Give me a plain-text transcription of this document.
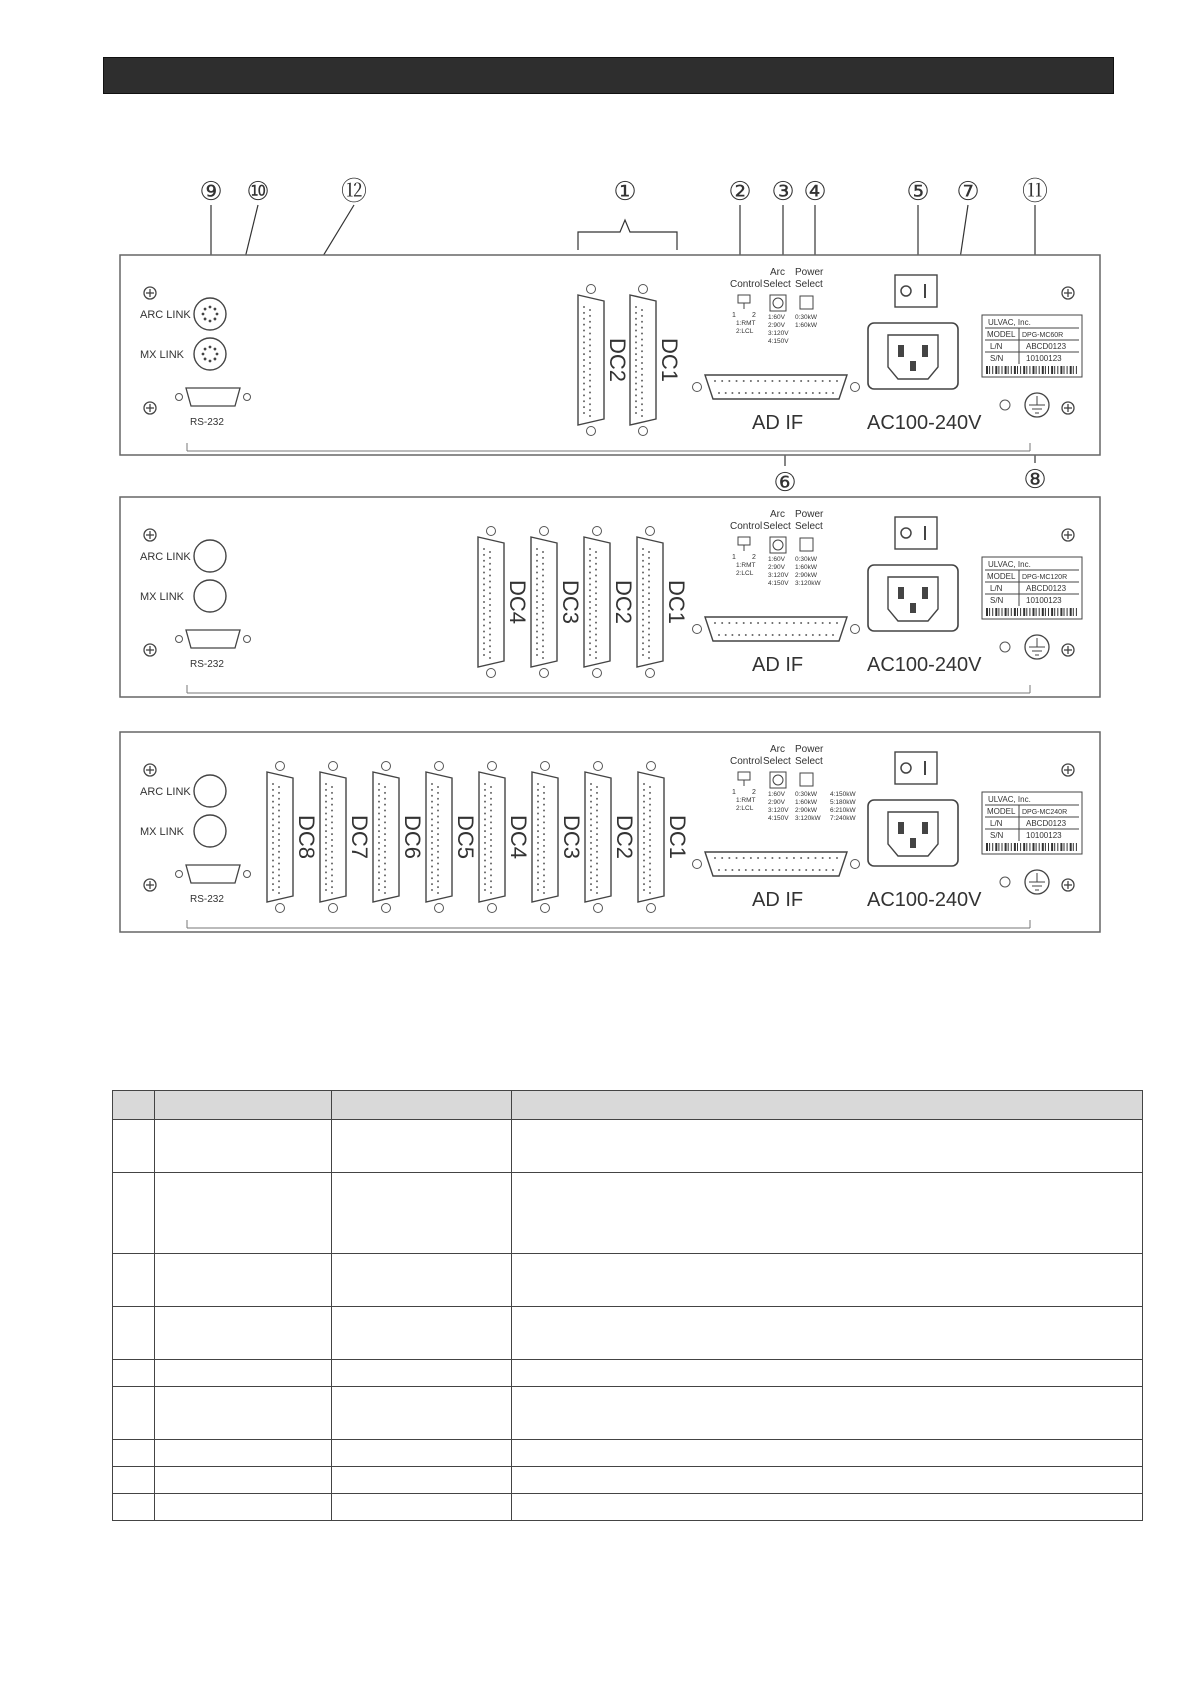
⑨ ⑩	⑫	①	② ③ ④	⑤ ⑦ ⑪
⑥	⑧
ARC LINK
MX LINK
RS-232
DC2 DC1
Control
Arc
Select
Power
Select
1 2
1:RMT
2:LCL
1:60V
2:90V
3:120V
4:150V
0:30kW
1:60kW
AD IF	AC100-240V
ULVAC, Inc.
MODEL DPG-MC60R
L/N	ABCD0123
S/N	10100123
ARC LINK
MX LINK
RS-232
DC4 DC3 DC2 DC1
Control
Arc
Select
Power
Select
1 2
1:RMT
2:LCL
1:60V
2:90V
3:120V
4:150V
0:30kW
1:60kW
2:90kW
3:120kW
AD IF	AC100-240V
ULVAC, Inc.
MODEL DPG-MC120R
L/N	ABCD0123
S/N	10100123
ARC LINK
MX LINK
RS-232
DC8 DC7 DC6 DC5 DC4 DC3 DC2 DC1
Control
Arc
Select
Power
Select
1 2
1:RMT
2:LCL
1:60V
2:90V
3:120V
4:150V
0:30kW
1:60kW
2:90kW
3:120kW
4:150kW
5:180kW
6:210kW
7:240kW
AD IF	AC100-240V
ULVAC, Inc.
MODEL DPG-MC240R
L/N	ABCD0123
S/N	10100123
